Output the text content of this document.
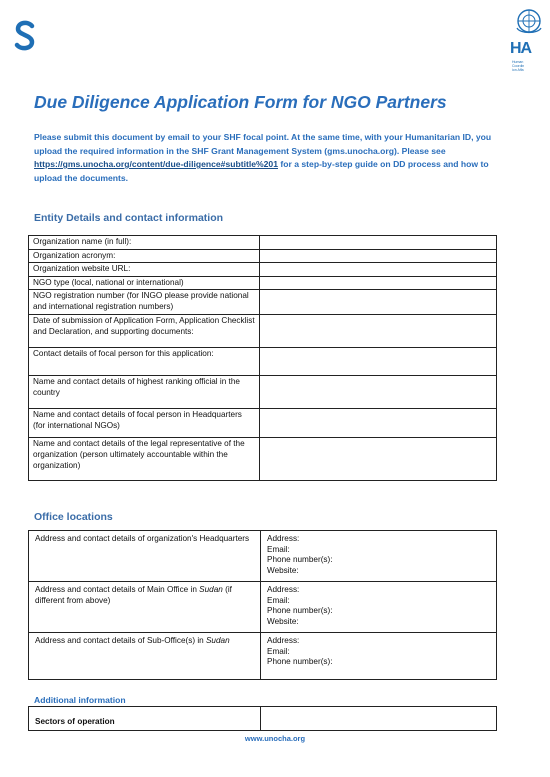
HA
Human
Coordin
ion Affa
Due Diligence Application Form for NGO Partners

Please submit this document by email to your SHF focal point. At the same time, with your Humanitarian ID, you upload the required information in the SHF Grant Management System (gms.unocha.org). Please see https://gms.unocha.org/content/due-diligence#subtitle%201 for a step-by-step guide on DD process and how to upload the documents.

Entity Details and contact information
Organization name (in full):	
Organization acronym:	
Organization website URL:	
NGO type (local, national or international)	
NGO registration number (for INGO please provide national and international registration numbers)	
Date of submission of Application Form, Application Checklist and Declaration, and supporting documents:	
Contact details of focal person for this application:	
Name and contact details of highest ranking official in the country	
Name and contact details of focal person in Headquarters (for international NGOs)	
Name and contact details of the legal representative of the organization (person ultimately accountable within the organization)	
Office locations
Address and contact details of organization's Headquarters	Address:
Email:
Phone number(s):
Website:

Address and contact details of Main Office in Sudan (if different from above)	Address:
Email:
Phone number(s):
Website:

Address and contact details of Sub-Office(s) in Sudan	Address:
Email:
Phone number(s):
Additional information
Sectors of operation	

www.unocha.org
